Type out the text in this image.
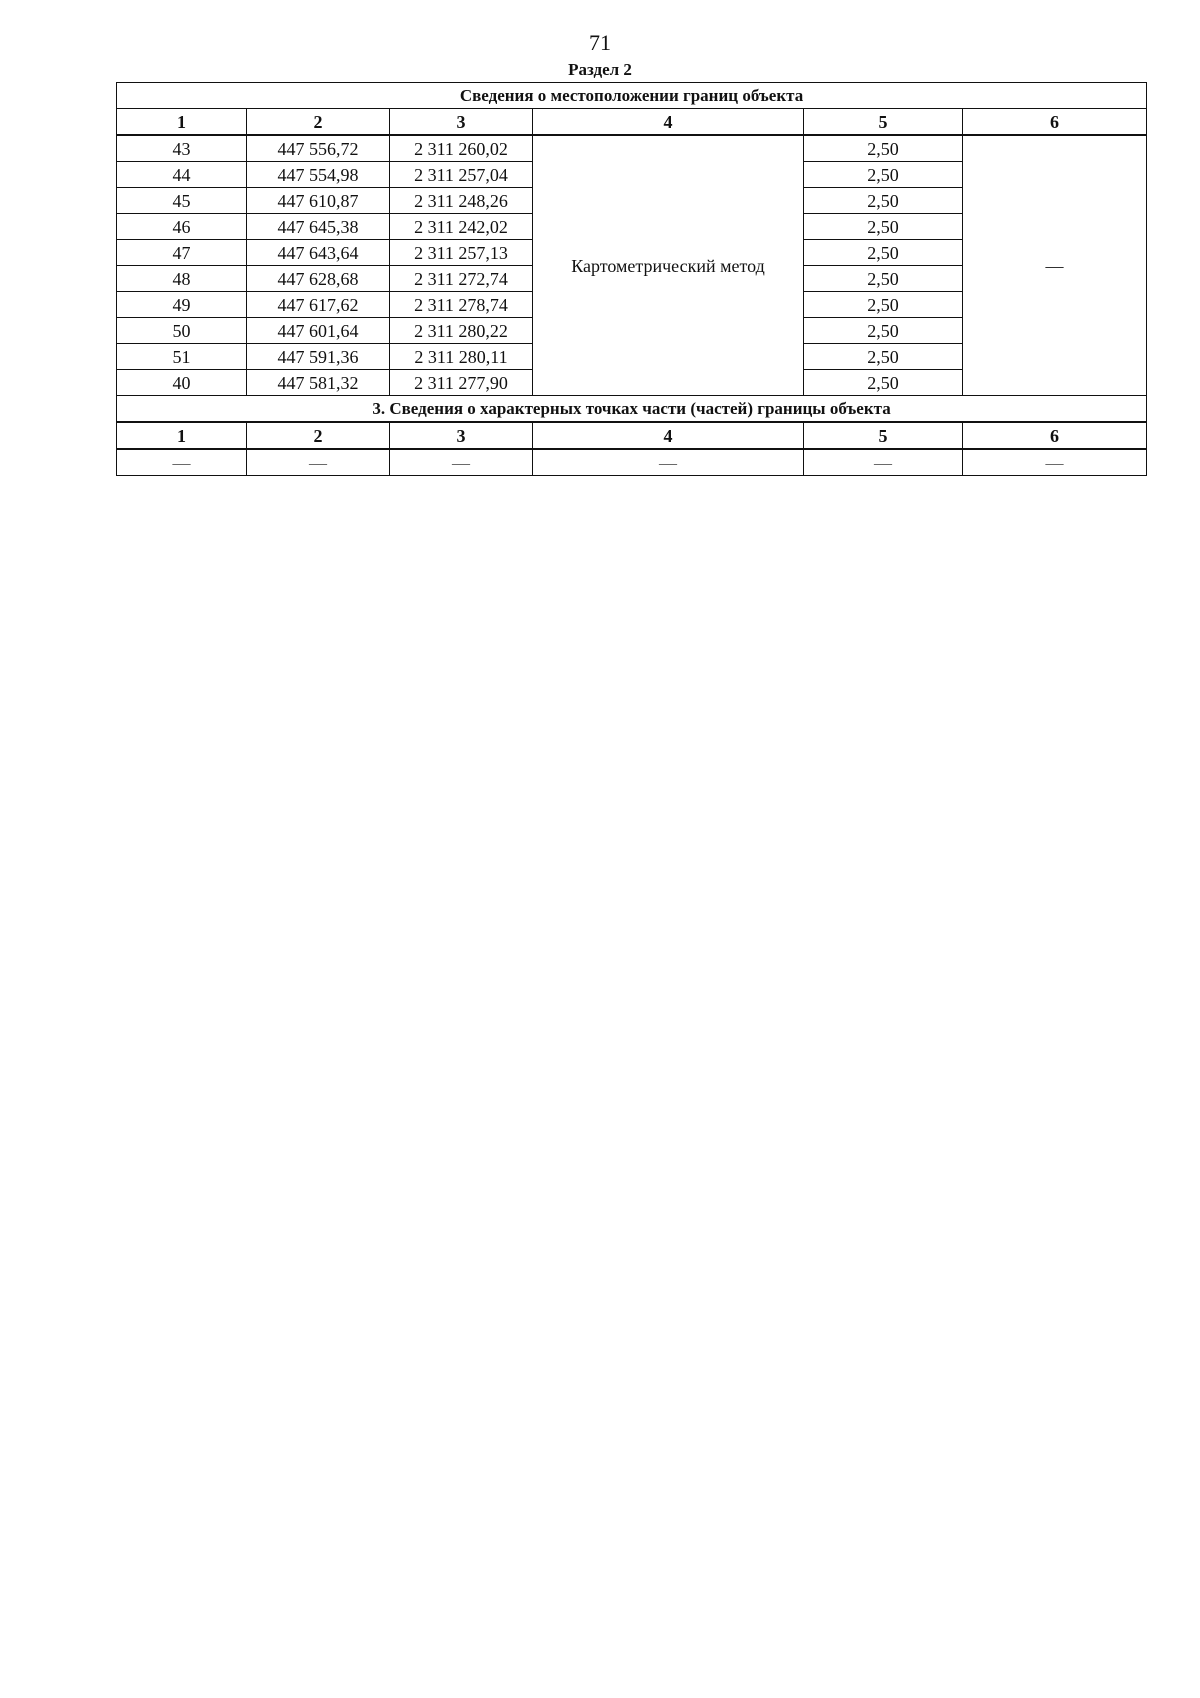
71
Раздел 2
Сведения о местоположении границ объекта					
1	2	3	4	5	6
43	447 556,72	2 311 260,02	Картометрический метод	2,50	—
44	447 554,98	2 311 257,04		2,50	
45	447 610,87	2 311 248,26		2,50	
46	447 645,38	2 311 242,02		2,50	
47	447 643,64	2 311 257,13		2,50	
48	447 628,68	2 311 272,74		2,50	
49	447 617,62	2 311 278,74		2,50	
50	447 601,64	2 311 280,22		2,50	
51	447 591,36	2 311 280,11		2,50	
40	447 581,32	2 311 277,90		2,50	
3. Сведения о характерных точках части (частей) границы объекта					
1	2	3	4	5	6
—	—	—	—	—	—
